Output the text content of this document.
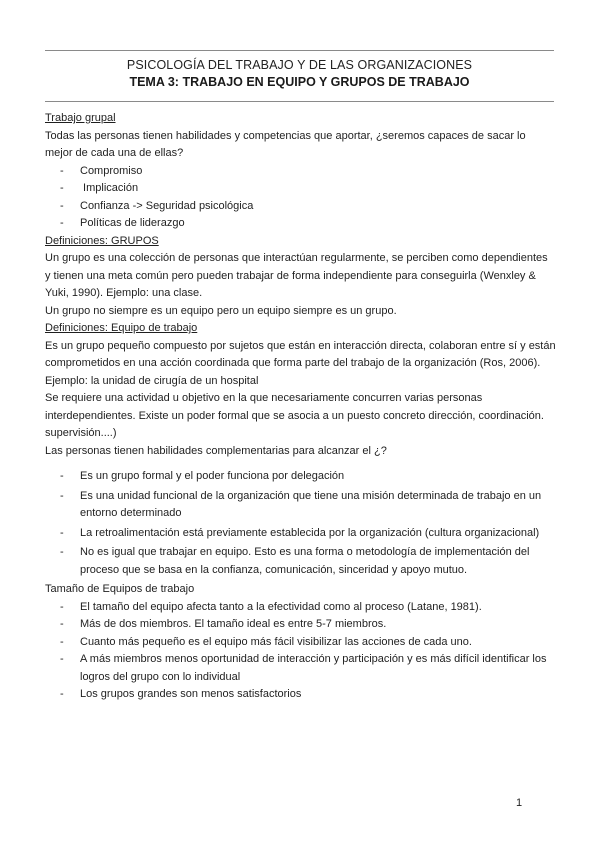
PSICOLOGÍA DEL TRABAJO Y DE LAS ORGANIZACIONES
TEMA 3: TRABAJO EN EQUIPO Y GRUPOS DE TRABAJO

Trabajo grupal

Todas las personas tienen habilidades y competencias que aportar, ¿seremos capaces de sacar lo mejor de cada una de ellas?

- Compromiso
-  Implicación
- Confianza -> Seguridad psicológica
- Políticas de liderazgo

Definiciones: GRUPOS

Un grupo es una colección de personas que interactúan regularmente, se perciben como dependientes y tienen una meta común pero pueden trabajar de forma independiente para conseguirla (Wenxley & Yuki, 1990). Ejemplo: una clase.

Un grupo no siempre es un equipo pero un equipo siempre es un grupo.

Definiciones: Equipo de trabajo

Es un grupo pequeño compuesto por sujetos que están en interacción directa, colaboran entre sí y están comprometidos en una acción coordinada que forma parte del trabajo de la organización (Ros, 2006). Ejemplo: la unidad de cirugía de un hospital

Se requiere una actividad u objetivo en la que necesariamente concurren varias personas interdependientes. Existe un poder formal que se asocia a un puesto concreto dirección, coordinación. supervisión....)

Las personas tienen habilidades complementarias para alcanzar el ¿?

- Es un grupo formal y el poder funciona por delegación
- Es una unidad funcional de la organización que tiene una misión determinada de trabajo en un entorno determinado
- La retroalimentación está previamente establecida por la organización (cultura organizacional)
- No es igual que trabajar en equipo. Esto es una forma o metodología de implementación del proceso que se basa en la confianza, comunicación, sinceridad y apoyo mutuo.

Tamaño de Equipos de trabajo

- El tamaño del equipo afecta tanto a la efectividad como al proceso (Latane, 1981).
- Más de dos miembros. El tamaño ideal es entre 5-7 miembros.
- Cuanto más pequeño es el equipo más fácil visibilizar las acciones de cada uno.
- A más miembros menos oportunidad de interacción y participación y es más difícil identificar los logros del grupo con lo individual
- Los grupos grandes son menos satisfactorios
1
